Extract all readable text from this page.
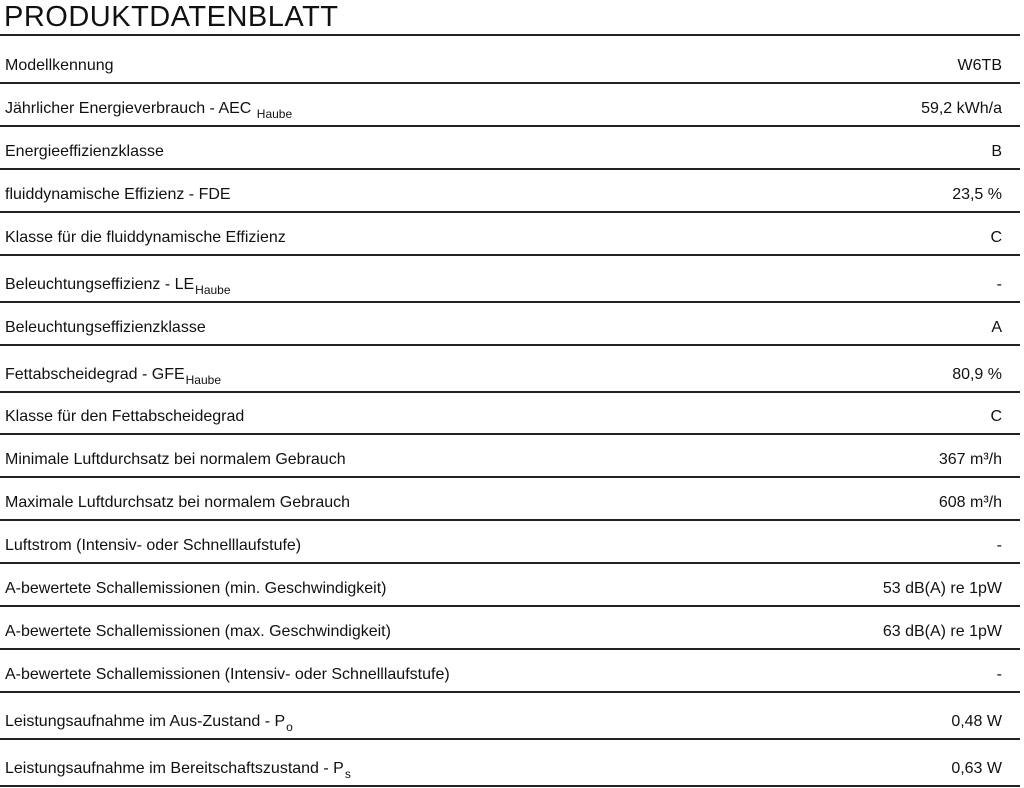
PRODUKTDATENBLATT
Modellkennung	W6TB
Jährlicher Energieverbrauch - AEC $_{Haube}$	59,2 kWh/a
Energieeffizienzklasse	B
fluiddynamische Effizienz - FDE	23,5 %
Klasse für die fluiddynamische Effizienz	C
Beleuchtungseffizienz - $LE_{Haube}$	-
Beleuchtungseffizienzklasse	A
Fettabscheidegrad - $GFE_{Haube}$	80,9 %
Klasse für den Fettabscheidegrad	C
Minimale Luftdurchsatz bei normalem Gebrauch	367 m³/h
Maximale Luftdurchsatz bei normalem Gebrauch	608 m³/h
Luftstrom (Intensiv- oder Schnelllaufstufe)	-
A-bewertete Schallemissionen (min. Geschwindigkeit)	53 dB(A) re 1pW
A-bewertete Schallemissionen (max. Geschwindigkeit)	63 dB(A) re 1pW
A-bewertete Schallemissionen (Intensiv- oder Schnelllaufstufe)	-
Leistungsaufnahme im $Aus-Zustand - P_o$	0,48 W
Leistungsaufnahme im Bereitschaftszustand - $P_s$	0,63 W
